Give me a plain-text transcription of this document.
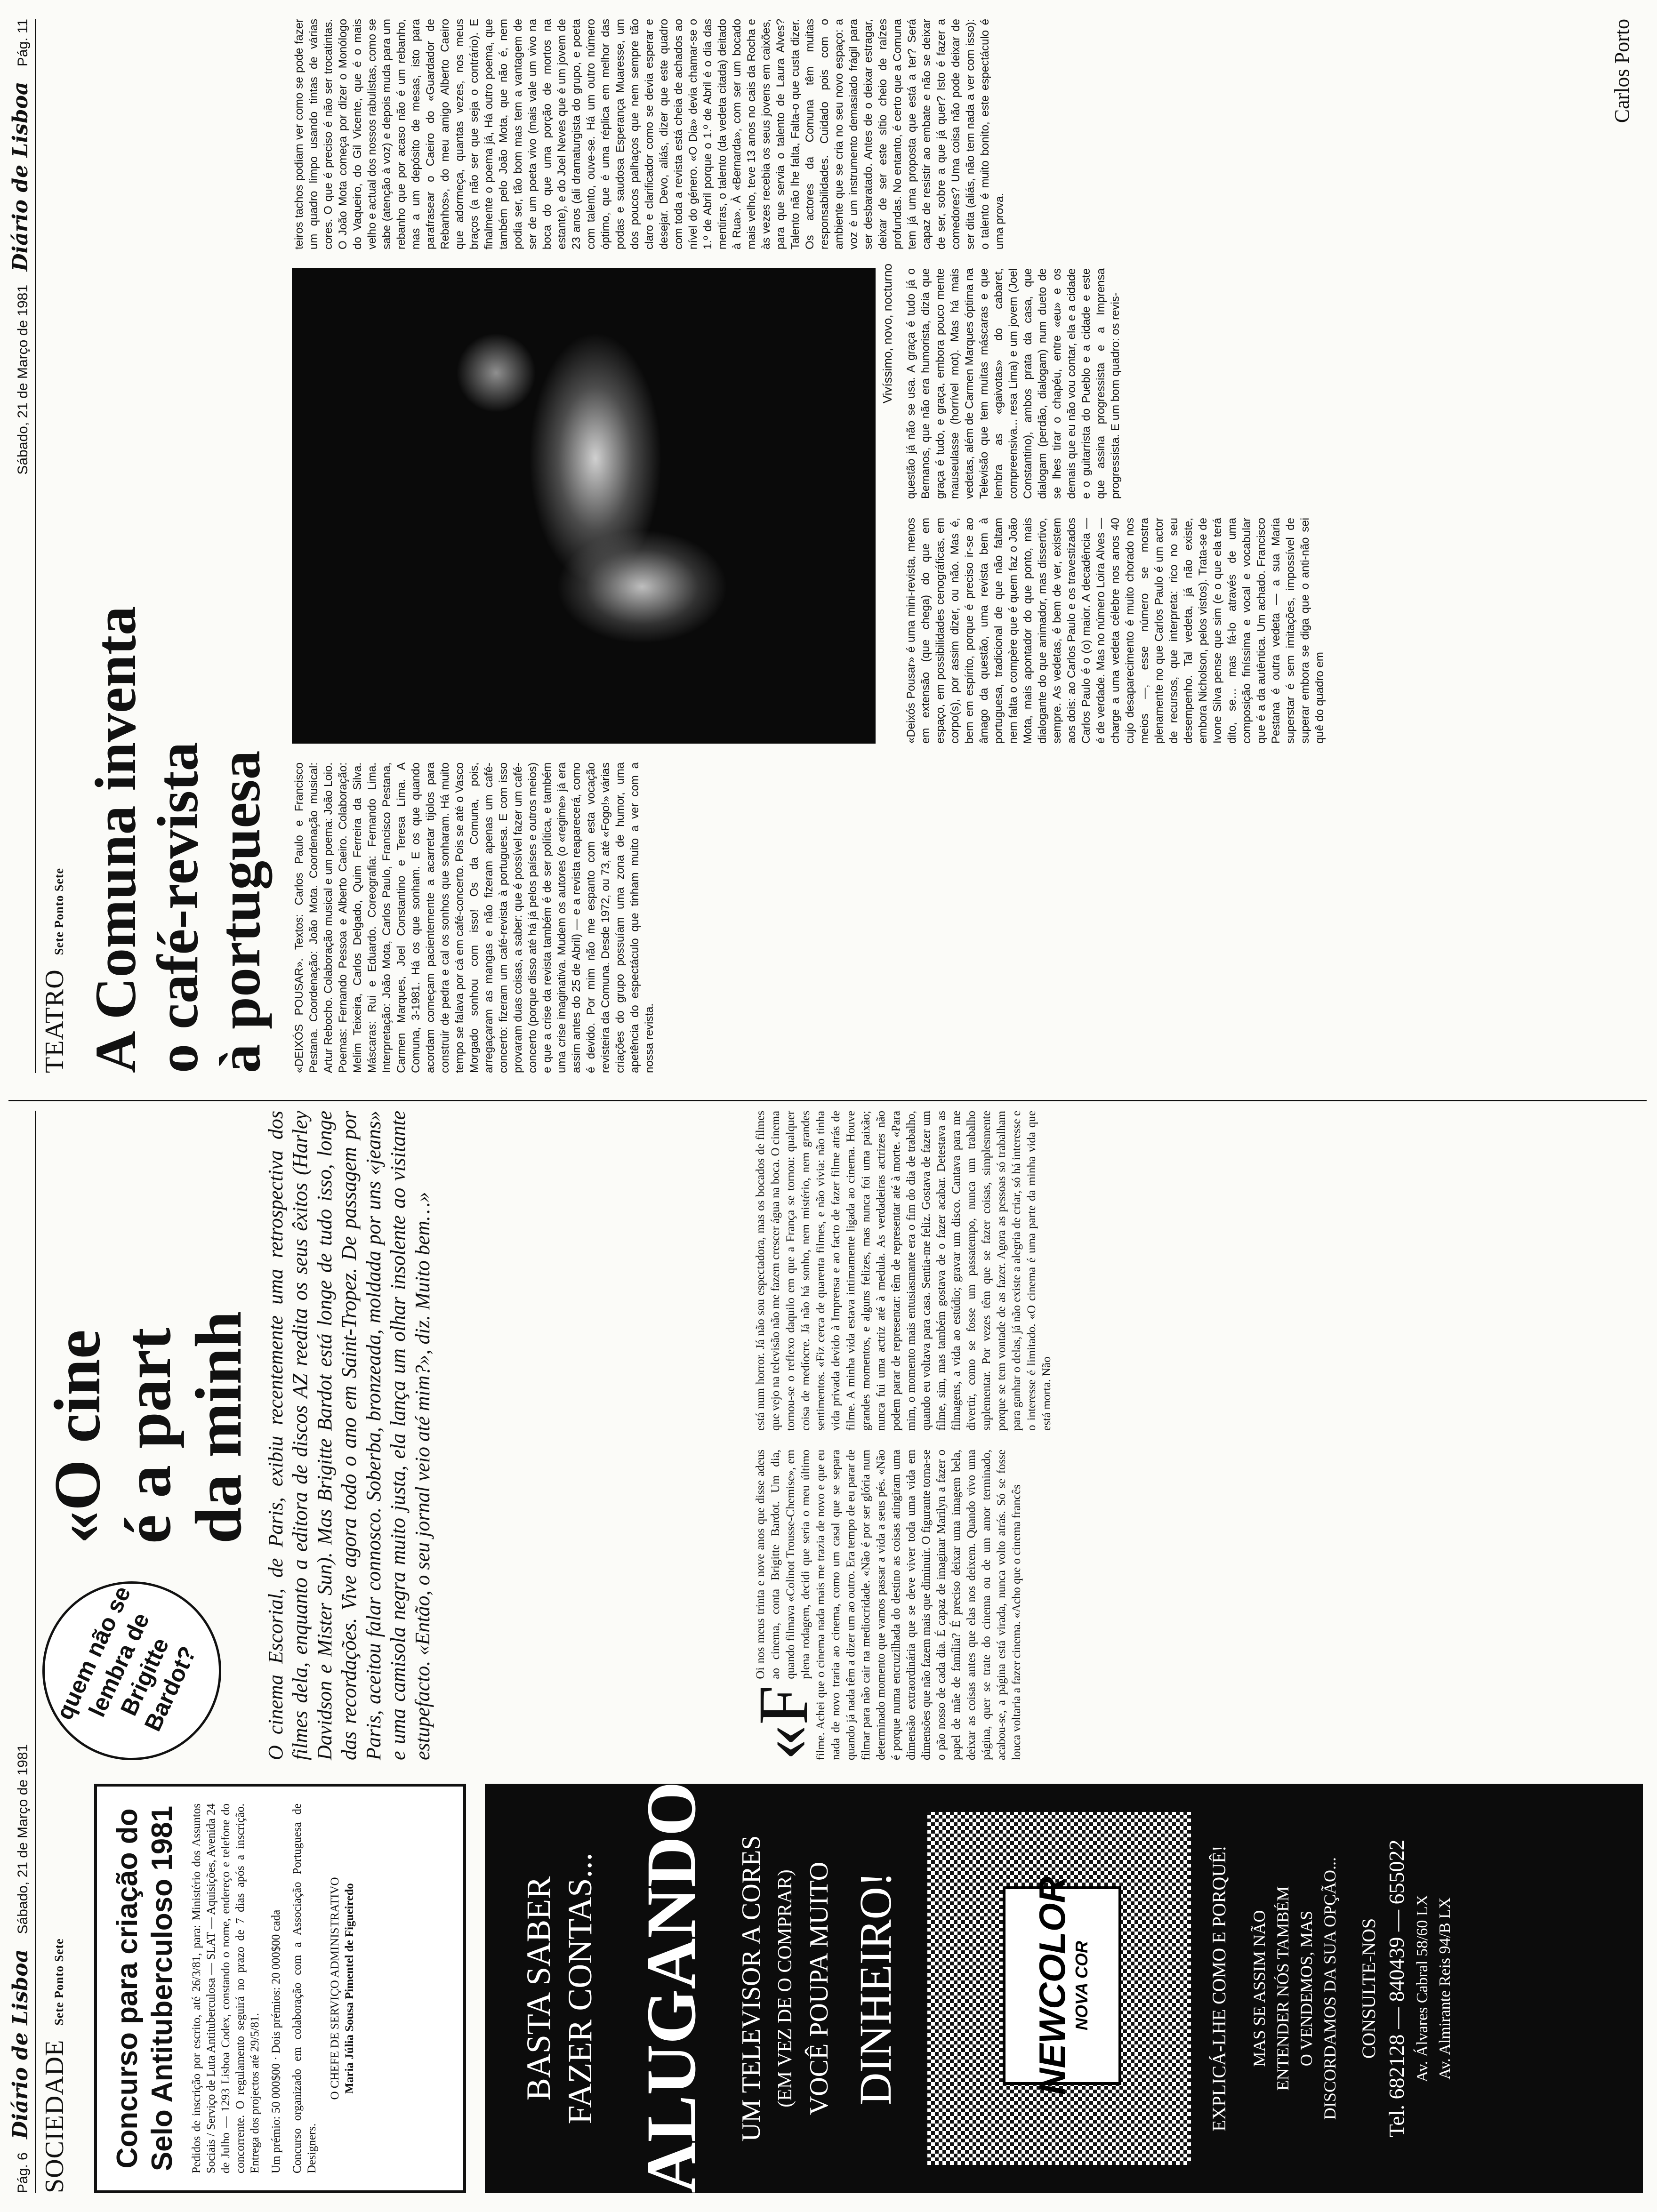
Pág. 6 Diário de Lisboa Sábado, 21 de Março de 1981
SOCIEDADESete Ponto Sete Concurso para criação do Selo Antituberculoso 1981 Pedidos de inscrição por escrito, até 26/3/81, para: Ministério dos Assuntos Sociais / Serviço de Luta Antituberculosa — SLAT — Aquisições, Avenida 24 de Julho — 1293 Lisboa Codex, constando o nome, endereço e telefone do concorrente. O regulamento seguirá no prazo de 7 dias após a inscrição. Entrega dos projectos até 29/5/81. Um prémio: 50 000$00 · Dois prémios: 20 000$00 cada Concurso organizado em colaboração com a Associação Portuguesa de Designers.

O CHEFE DE SERVIÇO ADMINISTRATIVO Maria Júlia Sousa Pimentel de Figueiredo	BASTA SABER FAZER CONTAS... ALUGANDO UM TELEVISOR A CORES (EM VEZ DE O COMPRAR) VOCÊ POUPA MUITO DINHEIRO!	NEWCOLOR
NOVA COR	EXPLICÁ-LHE COMO E PORQUÊ! MAS SE ASSIM NÃO ENTENDER NÓS TAMBÉM O VENDEMOS, MAS DISCORDAMOS DA SUA OPÇÃO... CONSULTE-NOS Tel. 682128 — 840439 — 655022 Av. Álvares Cabral 58/60 LX Av. Almirante Reis 94/B LX
quem não se lembra de Brigitte Bardot?
«O cine
é a part
da minh O cinema Escorial, de Paris, exibiu recentemente uma retrospectiva dos filmes dela, enquanto a editora de discos AZ reedita os seus êxitos (Harley Davidson e Mister Sun). Mas Brigitte Bardot está longe de tudo isso, longe das recordações. Vive agora todo o ano em Saint-Tropez. De passagem por Paris, aceitou falar connosco. Soberba, bronzeada, moldada por uns «jeans» e uma camisola negra muito justa, ela lança um olhar insolente ao visitante estupefacto. «Então, o seu jornal veio até mim?», diz. Muito bem…»	«F
Oi nos meus trinta e nove anos que disse adeus ao cinema, conta Brigitte Bardot. Um dia, quando filmava «Colinot Trousse-Chemise», em plena rodagem, decidi que seria o meu último filme. Achei que o cinema nada mais me trazia de novo e que eu nada de novo traria ao cinema, como um casal que se separa quando já nada têm a dizer um ao outro. Era tempo de eu parar de filmar para não cair na mediocridade. «Não é por ser glória num determinado momento que vamos passar a vida a seus pés. «Não é porque numa encruzilhada do destino as coisas atingiram uma dimensão extraordinária que se deve viver toda uma vida em dimensões que não fazem mais que diminuir. O figurante torna-se o pão nosso de cada dia. É capaz de imaginar Marilyn a fazer o papel de mãe de família? É preciso deixar uma imagem bela, deixar as coisas antes que elas nos deixem. Quando vivo uma página, quer se trate do cinema ou de um amor terminado, acabou-se, a página está virada, nunca volto atrás. Só se fosse louca voltaria a fazer cinema. «Acho que o cinema francês
está num horror. Já não sou espectadora, mas os bocados de filmes que vejo na televisão não me fazem crescer água na boca. O cinema tornou-se o reflexo daquilo em que a França se tornou: qualquer coisa de medíocre. Já não há sonho, nem mistério, nem grandes sentimentos. «Fiz cerca de quarenta filmes, e não vivia: não tinha vida privada devido à Imprensa e ao facto de fazer filme atrás de filme. A minha vida estava intimamente ligada ao cinema. Houve grandes momentos, e alguns felizes, mas nunca foi uma paixão; nunca fui uma actriz até à medula. As verdadeiras actrizes não podem parar de representar: têm de representar até à morte. «Para mim, o momento mais entusiasmante era o fim do dia de trabalho, quando eu voltava para casa. Sentia-me feliz. Gostava de fazer um filme, sim, mas também gostava de o fazer acabar. Detestava as filmagens, a vida ao estúdio; gravar um disco. Cantava para me divertir, como se fosse um passatempo, nunca um trabalho suplementar. Por vezes têm que se fazer coisas, simplesmente porque se tem vontade de as fazer. Agora as pessoas só trabalham para ganhar o delas, já não existe a alegria de criar, só há interesse e o interesse é limitado. «O cinema é uma parte da minha vida que está morta. Não
Sábado, 21 de Março de 1981 Diário de Lisboa Pág. 11
TEATROSete Ponto Sete A Comuna inventa
o café-revista
à portuguesa «DEIXÓS POUSAR». Textos: Carlos Paulo e Francisco Pestana. Coordenação: João Mota. Coordenação musical: Artur Rebocho. Colaboração musical e um poema: João Loio. Poemas: Fernando Pessoa e Alberto Caeiro. Colaboração: Melim Teixeira, Carlos Delgado, Quim Ferreira da Silva. Máscaras: Rui e Eduardo. Coreografia: Fernando Lima. Interpretação: João Mota, Carlos Paulo, Francisco Pestana, Carmen Marques, Joel Constantino e Teresa Lima. A Comuna, 3-1981. Há os que sonham. E os que quando acordam começam pacientemente a acarretar tijolos para construir de pedra e cal os sonhos que sonharam. Há muito tempo se falava por cá em café-concerto. Pois se até o Vasco Morgado sonhou com isso! Os da Comuna, pois, arregaçaram as mangas e não fizeram apenas um café-concerto: fizeram um café-revista à portuguesa. E com isso provaram duas coisas, a saber: que é possível fazer um café-concerto (porque disso até há já pelos países e outros meios) e que a crise da revista também é de ser política, e também uma crise imaginativa. Mudem os autores (o «regime» já era assim antes do 25 de Abril) — e a revista reaparecerá, como é devido. Por mim não me espanto com esta vocação revisteira da Comuna. Desde 1972, ou 73, até «Fogo!» várias criações do grupo possuíam uma zona de humor, uma apetência do espectáculo que tinham muito a ver com a nossa revista.
Vivíssimo, novo, nocturno
«Deixós Pousar» é uma mini-revista, menos em extensão (que chega) do que em espaço, em possibilidades cenográficas, em corpo(s), por assim dizer, ou não. Mas é, bem em espírito, porque é preciso ir-se ao âmago da questão, uma revista bem à portuguesa, tradicional de que não faltam nem falta o compère que é quem faz o João Mota, mais apontador do que ponto, mais dialogante do que animador, mas dissertivo, sempre. As vedetas, é bem de ver, existem aos dois: ao Carlos Paulo e os travestizados Carlos Paulo é o (o) maior. A decadência — é de verdade. Mas no número Loira Alves — charge a uma vedeta célebre nos anos 40 cujo desaparecimento é muito chorado nos meios —, esse número se mostra plenamente no que Carlos Paulo é um actor de recursos, que interpreta: rico no seu desempenho. Tal vedeta, já não existe, embora Nicholson, pelos vistos). Trata-se de Ivone Silva pense que sim (e o que ela terá dito, se… mas fá-lo através de uma composição finíssima e vocal e vocabular que é a da autêntica. Um achado. Francisco Pestana é outra vedeta — a sua Maria superstar é sem imitações, impossível de superar embora se diga que o anti-não sei quê do quadro em
questão já não se usa. A graça é tudo já o Bernanos, que não era humorista, dizia que graça é tudo, e graça, embora pouco mente mauseulasse (horrível mot). Mas há mais vedetas, além de Carmen Marques óptima na Televisão que tem muitas máscaras e que lembra as «gaivotas» do cabaret, compreensiva... resa Lima) e um jovem (Joel Constantino), ambos prata da casa, que dialogam (perdão, dialogam) num dueto de se lhes tirar o chapéu, entre «eu» e os demais que eu não vou contar, ela e a cidade e o guitarrista do Pueblo e a cidade e este que assina progressista e a Imprensa progressista. E um bom quadro: os revis-
teiros tachos podiam ver como se pode fazer um quadro limpo usando tintas de várias cores. O que é preciso é não ser trocatintas. O João Mota começa por dizer o Monólogo do Vaqueiro, do Gil Vicente, que é o mais velho e actual dos nossos rabulistas, como se sabe (atenção à voz) e depois muda para um rebanho que por acaso não é um rebanho, mas a um depósito de mesas, isto para parafrasear o Caeiro do «Guardador de Rebanhos», do meu amigo Alberto Caeiro que adormeça, quantas vezes, nos meus braços (a não ser que seja o contrário). E finalmente o poema já, Há outro poema, que também pelo João Mota, que não é, nem podia ser, tão bom mas tem a vantagem de ser de um poeta vivo (mais vale um vivo na boca do que uma porção de mortos na estante), e do Joel Neves que é um jovem de 23 anos (ali dramaturgista do grupo, e poeta com talento, ouve-se. Há um outro número óptimo, que é uma réplica em melhor das podas e saudosa Esperança Muaresse, um dos poucos palhaços que nem sempre tão claro e clarificador como se devia esperar e desejar. Devo, aliás, dizer que este quadro com toda a revista está cheia de achados ao nível do género. «O Dia» devia chamar-se o 1.º de Abril porque o 1.º de Abril é o dia das mentiras, o talento (da vedeta citada) deitado à Rua». À «Bernarda», com ser um bocado mais velho, teve 13 anos no cais da Rocha e às vezes recebia os seus jovens em caixões, para que servia o talento de Laura Alves? Talento não lhe falta, Falta-o que custa dizer. Os actores da Comuna têm muitas responsabilidades. Cuidado pois com o ambiente que se cria no seu novo espaço: a voz é um instrumento demasiado frágil para ser desbaratado. Antes de o deixar estragar, deixar de ser este sítio cheio de raízes profundas. No entanto, é certo que a Comuna tem já uma proposta que está a ter? Será capaz de resistir ao embate e não se deixar de ser, sobre a que já quer? Isto é fazer a comedores? Uma coisa não pode deixar de ser dita (aliás, não tem nada a ver com isso): o talento é muito bonito, este espectáculo é uma prova.
Carlos Porto
